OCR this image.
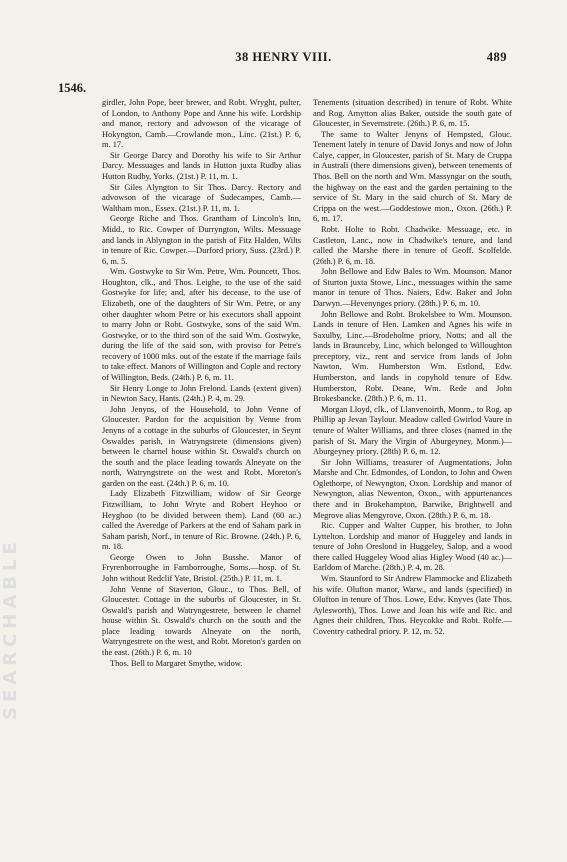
SEARCHABLE
38 HENRY VIII.	489
1546.

girdler, John Pope, beer brewer, and Robt. Wryght, pulter, of London, to Anthony Pope and Anne his wife. Lordship and manor, rectory and advowson of the vicarage of Hokyngton, Camb.—Crowlande mon., Linc. (21st.) P. 6, m. 17.

Sir George Darcy and Dorothy his wife to Sir Arthur Darcy. Messuages and lands in Hutton juxta Rudby alias Hutton Rudby, Yorks. (21st.) P. 11, m. 1.

Sir Giles Alyngton to Sir Thos. Darcy. Rectory and advowson of the vicarage of Sudecampes, Camb.—Waltham mon., Essex. (21st.) P. 11, m. 1.

George Riche and Thos. Grantham of Lincoln's Inn, Midd., to Ric. Cowper of Durryngton, Wilts. Messuage and lands in Ablyngton in the parish of Fitz Halden, Wilts in tenure of Ric. Cowper.—Durford priory, Suss. (23rd.) P. 6, m. 5.

Wm. Gostwyke to Sir Wm. Petre, Wm. Pouncett, Thos. Houghton, clk., and Thos. Leighe, to the use of the said Gostwyke for life; and, after his decease, to the use of Elizabeth, one of the daughters of Sir Wm. Petre, or any other daughter whom Petre or his executors shall appoint to marry John or Robt. Gostwyke, sons of the said Wm. Gostwyke, or to the third son of the said Wm. Gostwyke, during the life of the said son, with proviso for Petre's recovery of 1000 mks. out of the estate if the marriage fails to take effect. Manors of Willington and Cople and rectory of Willington, Beds. (24th.) P. 6, m. 11.

Sir Henry Longe to John Frelond. Lands (extent given) in Newton Sacy, Hants. (24th.) P. 4, m. 29.

John Jenyns, of the Household, to John Venne of Gloucester. Pardon for the acquisition by Venne from Jenyns of a cottage in the suburbs of Gloucester, in Seynt Oswaldes parish, in Watryngstrete (dimensions given) between le charnel house within St. Oswald's church on the south and the place leading towards Alneyate on the north, Watryngstrete on the west and Robt. Moreton's garden on the east. (24th.) P. 6, m. 10.

Lady Elizabeth Fitzwilliam, widow of Sir George Fitzwilliam, to John Wryte and Robert Heyhoo or Heyghoo (to be divided between them). Land (60 ac.) called the Averedge of Parkers at the end of Saham park in Saham parish, Norf., in tenure of Ric. Browne. (24th.) P. 6, m. 18.

George Owen to John Busshe. Manor of Fryrenborroughe in Farnborroughe, Soms.—hosp. of St. John without Redclif Yate, Bristol. (25th.) P. 11, m. 1.

John Venne of Staverton, Glouc., to Thos. Bell, of Gloucester. Cottage in the suburbs of Gloucester, in St. Oswald's parish and Watryngestrete, between le charnel house within St. Oswald's church on the south and the place leading towards Alneyate on the north, Watryngestrete on the west, and Robt. Moreton's garden on the east. (26th.) P. 6, m. 10

Thos. Bell to Margaret Smythe, widow.

Tenements (situation described) in tenure of Robt. White and Rog. Amytton alias Baker, outside the south gate of Gloucester, in Severnstrete. (26th.) P. 6, m. 15.

The same to Walter Jenyns of Hempsted, Glouc. Tenement lately in tenure of David Jonys and now of John Calye, capper, in Gloucester, parish of St. Mary de Cruppa in Australi (there dimensions given), between tenements of Thos. Bell on the north and Wm. Massyngar on the south, the highway on the east and the garden pertaining to the service of St. Mary in the said church of St. Mary de Crippa on the west.—Goddestowe mon., Oxon. (26th.) P. 6, m. 17.

Robt. Holte to Robt. Chadwike. Messuage, etc. in Castleton, Lanc., now in Chadwike's tenure, and land called the Marshe there in tenure of Geoff. Scolfelde. (26th.) P. 6, m. 18.

John Bellowe and Edw Bales to Wm. Mounson. Manor of Sturton juxta Stowe, Linc., messuages within the same manor in tenure of Thos. Naiers, Edw. Baker and John Darwyn.—Hevenynges priory. (28th.) P. 6, m. 10.

John Bellowe and Robt. Brokelsbee to Wm. Mounson. Lands in tenure of Hen. Lamken and Agnes his wife in Saxulby, Linc.—Brodeholme priory, Notts; and all the lands in Braunceby, Linc, which belonged to Willoughton preceptory, viz., rent and service from lands of John Nawton, Wm. Humberston Wm. Estlond, Edw. Humberston, and lands in copyhold tenure of Edw. Humberston, Robt. Deane, Wm. Rede and John Brokesbancke. (28th.) P. 6, m. 11.

Morgan Lloyd, clk., of Llanvenoirth, Monm., to Rog. ap Phillip ap Jevan Taylour. Meadow called Gwirlod Vaure in tenure of Walter Williams, and three closes (named in the parish of St. Mary the Virgin of Aburgeyney, Monm.)—Aburgeyney priory. (28th) P. 6, m. 12.

Sir John Williams, treasurer of Augmentations, John Marshe and Chr. Edmondes, of London, to John and Owen Oglethorpe, of Newyngton, Oxon. Lordship and manor of Newyngton, alias Newenton, Oxon., with appurtenances there and in Brokehampton, Barwike, Brightwell and Megrove alias Mengyrove, Oxon. (28th.) P. 6, m. 18.

Ric. Cupper and Walter Cupper, his brother, to John Lyttelton. Lordship and manor of Huggeley and lands in tenure of John Oreslond in Huggeley, Salop, and a wood there called Huggeley Wood alias Higley Wood (40 ac.)—Earldom of Marche. (28th.) P. 4, m. 28.

Wm. Staunford to Sir Andrew Flammocke and Elizabeth his wife. Olufton manor, Warw., and lands (specified) in Olufton in tenure of Thos. Lowe, Edw. Knyves (late Thos. Aylesworth), Thos. Lowe and Joan his wife and Ric. and Agnes their children, Thos. Heycokke and Robt. Rolfe.—Coventry cathedral priory. P. 12, m. 52.
